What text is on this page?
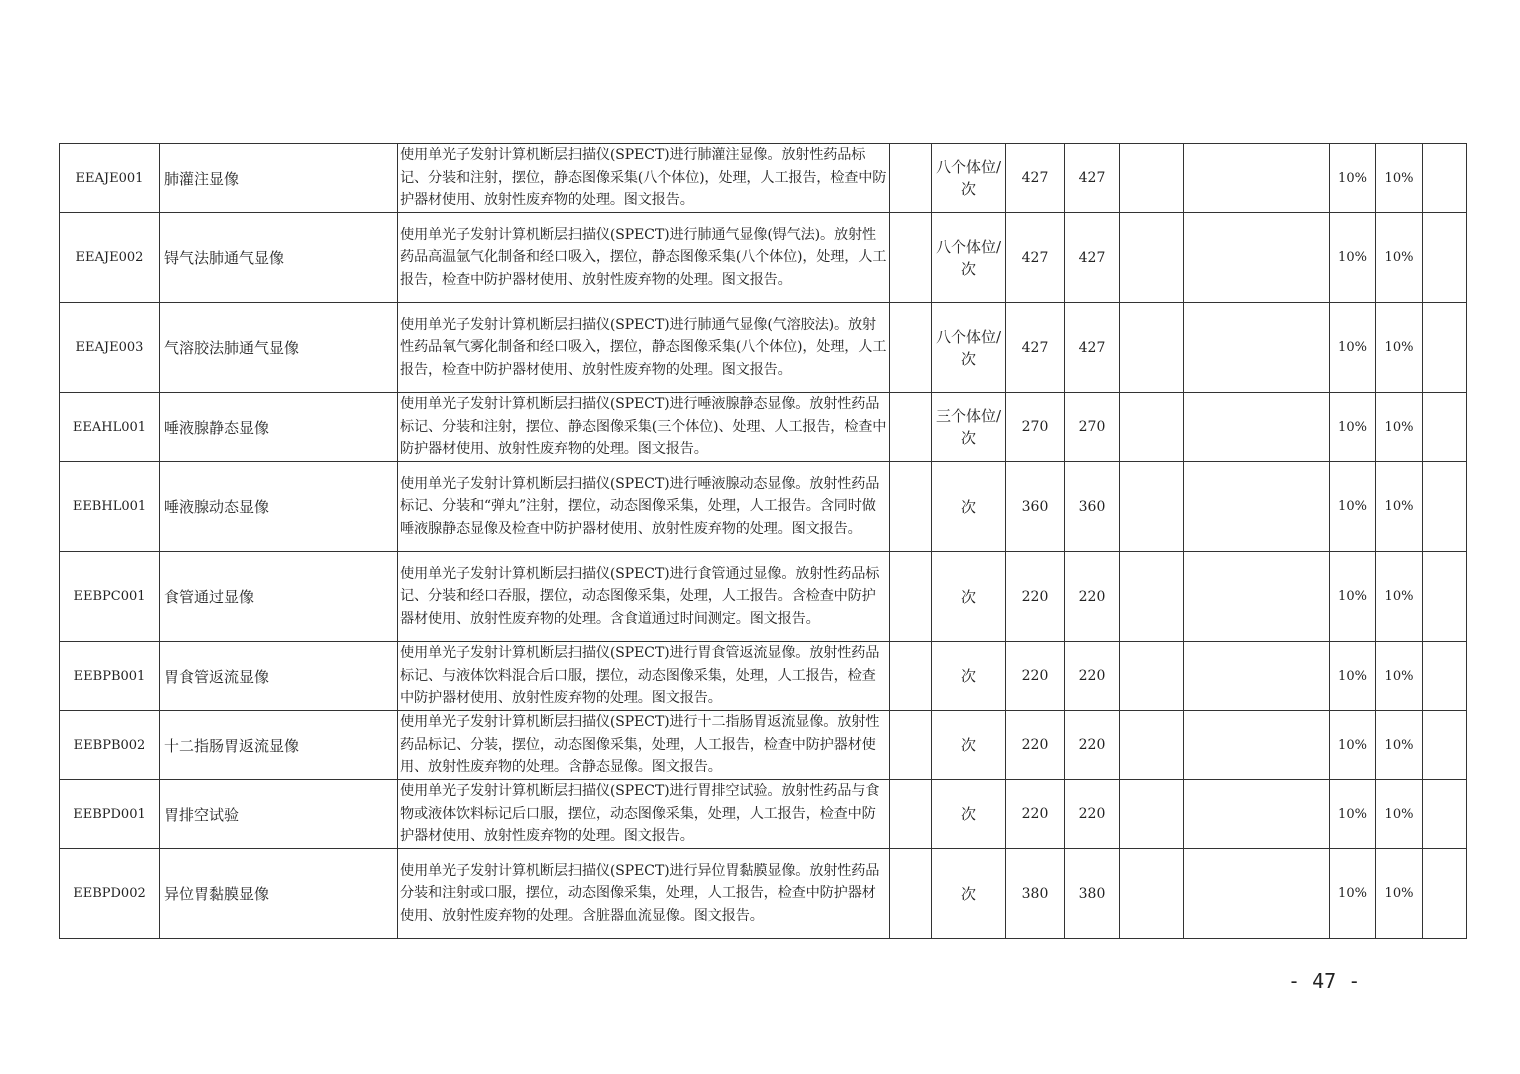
EEAJE001	肺灌注显像	使用单光子发射计算机断层扫描仪(SPECT)进行肺灌注显像。放射性药品标记、分装和注射，摆位，静态图像采集(八个体位)，处理，人工报告，检查中防护器材使用、放射性废弃物的处理。图文报告。		八个体位/次	427	427			10%	10%	
EEAJE002	锝气法肺通气显像	使用单光子发射计算机断层扫描仪(SPECT)进行肺通气显像(锝气法)。放射性药品高温氩气化制备和经口吸入，摆位，静态图像采集(八个体位)，处理，人工报告，检查中防护器材使用、放射性废弃物的处理。图文报告。		八个体位/次	427	427			10%	10%	
EEAJE003	气溶胶法肺通气显像	使用单光子发射计算机断层扫描仪(SPECT)进行肺通气显像(气溶胶法)。放射性药品氧气雾化制备和经口吸入，摆位，静态图像采集(八个体位)，处理，人工报告，检查中防护器材使用、放射性废弃物的处理。图文报告。		八个体位/次	427	427			10%	10%	
EEAHL001	唾液腺静态显像	使用单光子发射计算机断层扫描仪(SPECT)进行唾液腺静态显像。放射性药品标记、分装和注射，摆位、静态图像采集(三个体位)、处理、人工报告，检查中防护器材使用、放射性废弃物的处理。图文报告。		三个体位/次	270	270			10%	10%	
EEBHL001	唾液腺动态显像	使用单光子发射计算机断层扫描仪(SPECT)进行唾液腺动态显像。放射性药品标记、分装和“弹丸”注射，摆位，动态图像采集，处理，人工报告。含同时做唾液腺静态显像及检查中防护器材使用、放射性废弃物的处理。图文报告。		次	360	360			10%	10%	
EEBPC001	食管通过显像	使用单光子发射计算机断层扫描仪(SPECT)进行食管通过显像。放射性药品标记、分装和经口吞服，摆位，动态图像采集，处理，人工报告。含检查中防护器材使用、放射性废弃物的处理。含食道通过时间测定。图文报告。		次	220	220			10%	10%	
EEBPB001	胃食管返流显像	使用单光子发射计算机断层扫描仪(SPECT)进行胃食管返流显像。放射性药品标记、与液体饮料混合后口服，摆位，动态图像采集，处理，人工报告，检查中防护器材使用、放射性废弃物的处理。图文报告。		次	220	220			10%	10%	
EEBPB002	十二指肠胃返流显像	使用单光子发射计算机断层扫描仪(SPECT)进行十二指肠胃返流显像。放射性药品标记、分装，摆位，动态图像采集，处理，人工报告，检查中防护器材使用、放射性废弃物的处理。含静态显像。图文报告。		次	220	220			10%	10%	
EEBPD001	胃排空试验	使用单光子发射计算机断层扫描仪(SPECT)进行胃排空试验。放射性药品与食物或液体饮料标记后口服，摆位，动态图像采集，处理，人工报告，检查中防护器材使用、放射性废弃物的处理。图文报告。		次	220	220			10%	10%	
EEBPD002	异位胃黏膜显像	使用单光子发射计算机断层扫描仪(SPECT)进行异位胃黏膜显像。放射性药品分装和注射或口服，摆位，动态图像采集，处理，人工报告，检查中防护器材使用、放射性废弃物的处理。含脏器血流显像。图文报告。		次	380	380			10%	10%	
- 47 -
